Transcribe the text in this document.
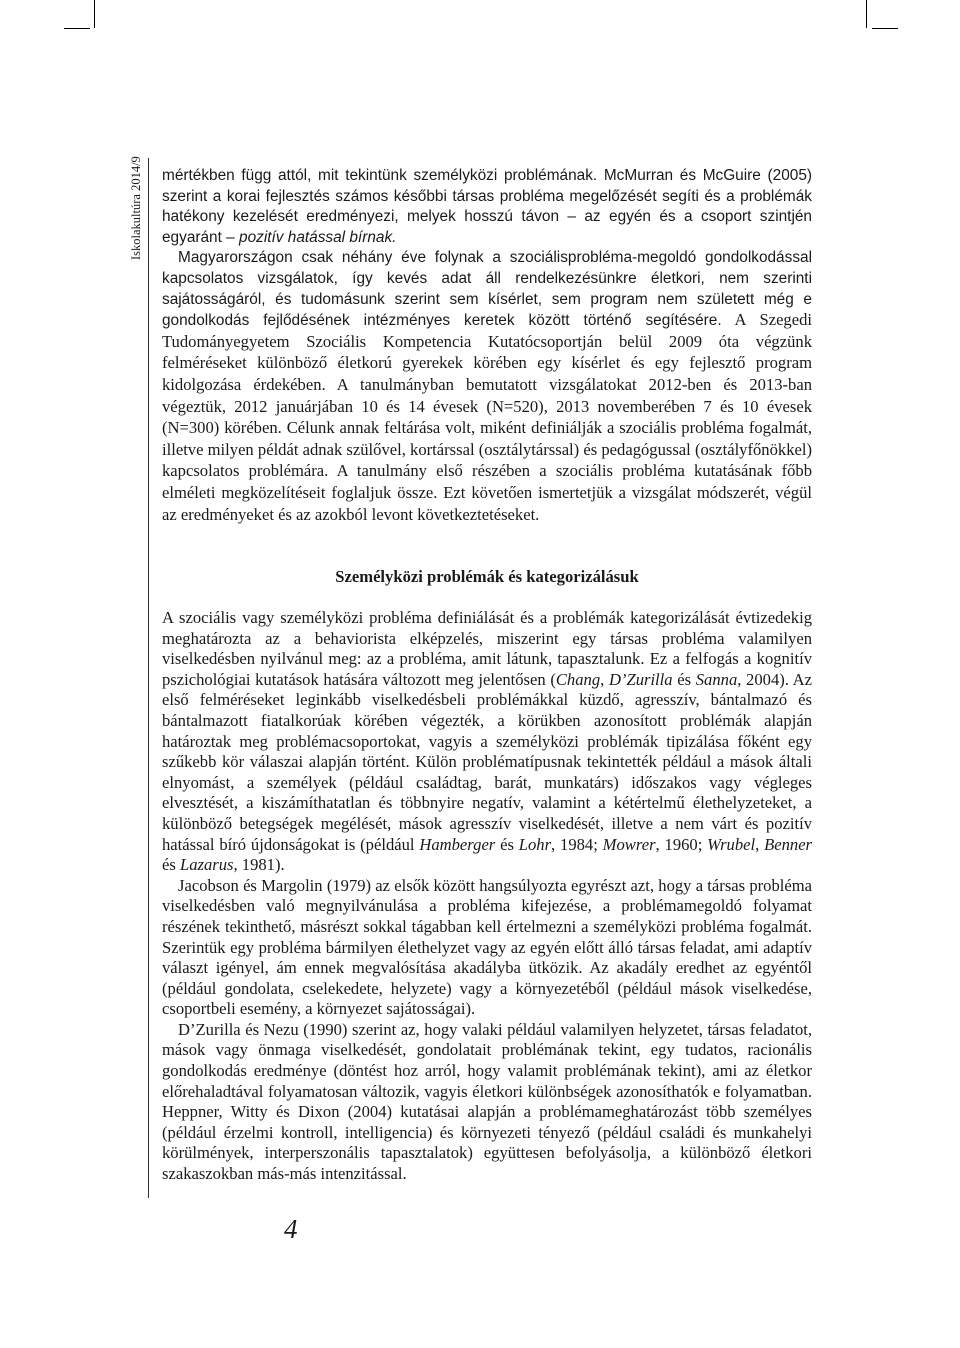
Iskolakultúra 2014/9 mértékben függ attól, mit tekintünk személyközi problémának. McMurran és McGuire (2005) szerint a korai fejlesztés számos későbbi társas probléma megelőzését segíti és a problémák hatékony kezelését eredményezi, melyek hosszú távon – az egyén és a csoport szintjén egyaránt – pozitív hatással bírnak.

Magyarországon csak néhány éve folynak a szociálisprobléma-megoldó gondolkodással kapcsolatos vizsgálatok, így kevés adat áll rendelkezésünkre életkori, nem szerinti sajátosságáról, és tudomásunk szerint sem kísérlet, sem program nem született még e gondolkodás fejlődésének intézményes keretek között történő segítésére. A Szegedi Tudományegyetem Szociális Kompetencia Kutatócsoportján belül 2009 óta végzünk felméréseket különböző életkorú gyerekek körében egy kísérlet és egy fejlesztő program kidolgozása érdekében. A tanulmányban bemutatott vizsgálatokat 2012-ben és 2013-ban végeztük, 2012 januárjában 10 és 14 évesek (N=520), 2013 novemberében 7 és 10 évesek (N=300) körében. Célunk annak feltárása volt, miként definiálják a szociális probléma fogalmát, illetve milyen példát adnak szülővel, kortárssal (osztálytárssal) és pedagógussal (osztályfőnökkel) kapcsolatos problémára. A tanulmány első részében a szociális probléma kutatásának főbb elméleti megközelítéseit foglaljuk össze. Ezt követően ismertetjük a vizsgálat módszerét, végül az eredményeket és az azokból levont következtetéseket.

Személyközi problémák és kategorizálásuk

A szociális vagy személyközi probléma definiálását és a problémák kategorizálását évtizedekig meghatározta az a behaviorista elképzelés, miszerint egy társas probléma valamilyen viselkedésben nyilvánul meg: az a probléma, amit látunk, tapasztalunk. Ez a felfogás a kognitív pszichológiai kutatások hatására változott meg jelentősen (Chang, D’Zurilla és Sanna, 2004). Az első felméréseket leginkább viselkedésbeli problémákkal küzdő, agresszív, bántalmazó és bántalmazott fiatalkorúak körében végezték, a körükben azonosított problémák alapján határoztak meg problémacsoportokat, vagyis a személyközi problémák tipizálása főként egy szűkebb kör válaszai alapján történt. Külön problématípusnak tekintették például a mások általi elnyomást, a személyek (például családtag, barát, munkatárs) időszakos vagy végleges elvesztését, a kiszámíthatatlan és többnyire negatív, valamint a kétértelmű élethelyzeteket, a különböző betegségek megélését, mások agresszív viselkedését, illetve a nem várt és pozitív hatással bíró újdonságokat is (például Hamberger és Lohr, 1984; Mowrer, 1960; Wrubel, Benner és Lazarus, 1981).

Jacobson és Margolin (1979) az elsők között hangsúlyozta egyrészt azt, hogy a társas probléma viselkedésben való megnyilvánulása a probléma kifejezése, a problémamegoldó folyamat részének tekinthető, másrészt sokkal tágabban kell értelmezni a személyközi probléma fogalmát. Szerintük egy probléma bármilyen élethelyzet vagy az egyén előtt álló társas feladat, ami adaptív választ igényel, ám ennek megvalósítása akadályba ütközik. Az akadály eredhet az egyéntől (például gondolata, cselekedete, helyzete) vagy a környezetéből (például mások viselkedése, csoportbeli esemény, a környezet sajátosságai).

D’Zurilla és Nezu (1990) szerint az, hogy valaki például valamilyen helyzetet, társas feladatot, mások vagy önmaga viselkedését, gondolatait problémának tekint, egy tudatos, racionális gondolkodás eredménye (döntést hoz arról, hogy valamit problémának tekint), ami az életkor előrehaladtával folyamatosan változik, vagyis életkori különbségek azonosíthatók e folyamatban. Heppner, Witty és Dixon (2004) kutatásai alapján a problémameghatározást több személyes (például érzelmi kontroll, intelligencia) és környezeti tényező (például családi és munkahelyi körülmények, interperszonális tapasztalatok) együttesen befolyásolja, a különböző életkori szakaszokban más-más intenzitással.

4
